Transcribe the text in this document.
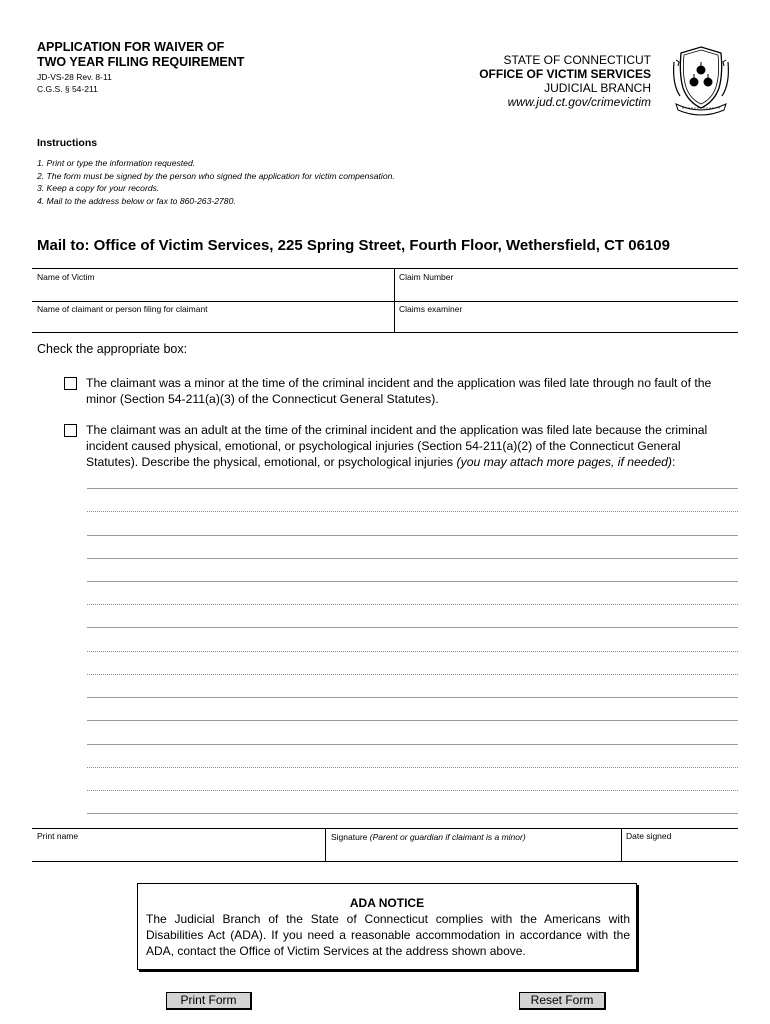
APPLICATION FOR WAIVER OF
TWO YEAR FILING REQUIREMENT
JD-VS-28 Rev. 8-11
C.G.S. § 54-211
STATE OF CONNECTICUT
OFFICE OF VICTIM SERVICES
JUDICIAL BRANCH
www.jud.ct.gov/crimevictim
Instructions
1. Print or type the information requested.
2. The form must be signed by the person who signed the application for victim compensation.
3. Keep a copy for your records.
4. Mail to the address below or fax to 860-263-2780.
Mail to: Office of Victim Services, 225 Spring Street, Fourth Floor, Wethersfield, CT 06109
Name of Victim	Claim Number
Name of claimant or person filing for claimant	Claims examiner
Check the appropriate box:
The claimant was a minor at the time of the criminal incident and the application was filed late through no fault of the minor (Section 54-211(a)(3) of the Connecticut General Statutes).
The claimant was an adult at the time of the criminal incident and the application was filed late because the criminal incident caused physical, emotional, or psychological injuries (Section 54-211(a)(2) of the Connecticut General Statutes). Describe the physical, emotional, or psychological injuries (you may attach more pages, if needed):
Print name	Signature (Parent or guardian if claimant is a minor)	Date signed
ADA NOTICE
The Judicial Branch of the State of Connecticut complies with the Americans with Disabilities Act (ADA). If you need a reasonable accommodation in accordance with the ADA, contact the Office of Victim Services at the address shown above.
Print Form	Reset Form
